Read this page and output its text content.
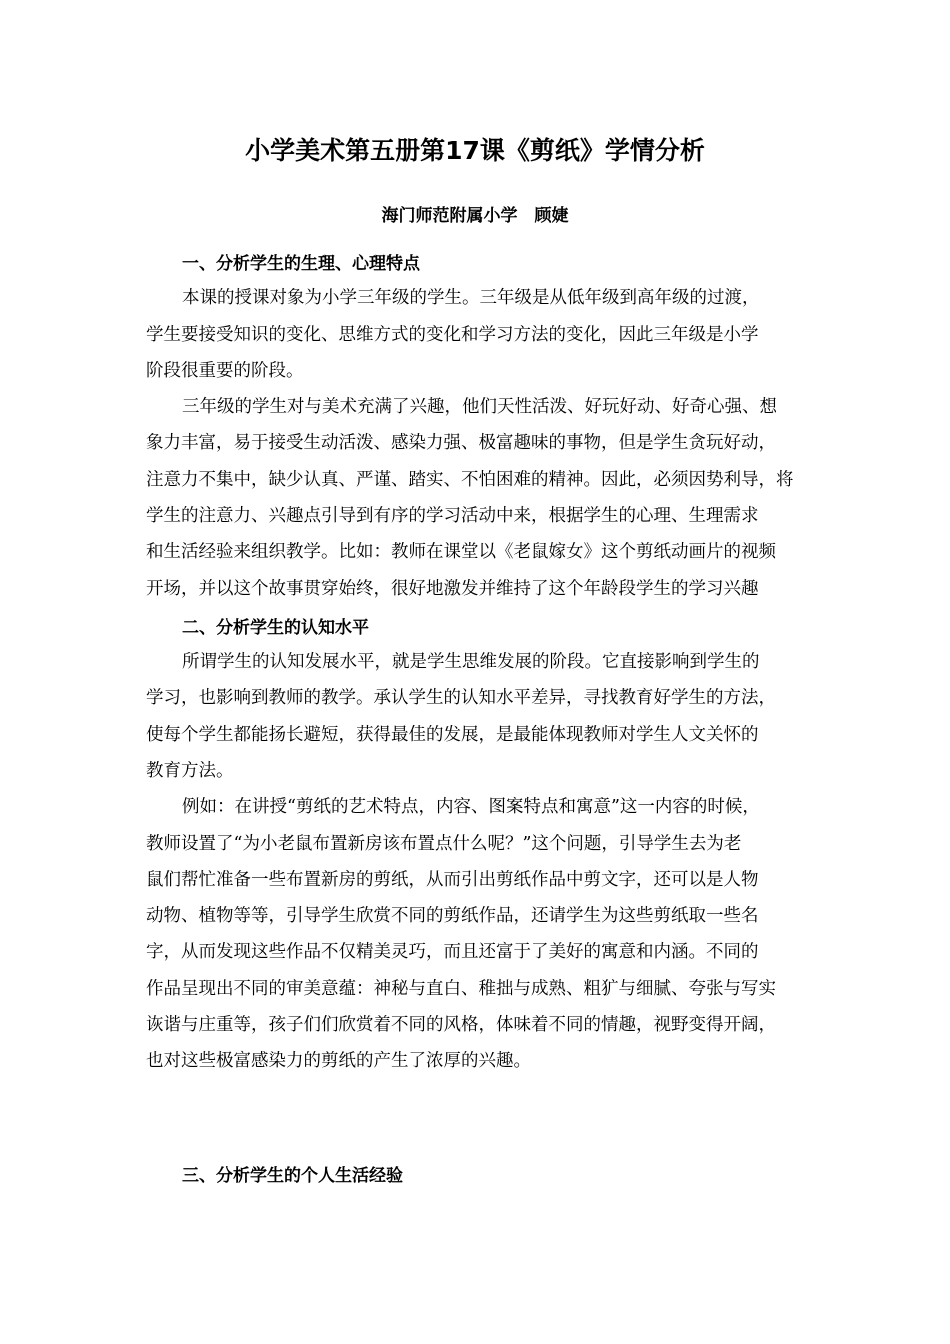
小学美术第五册第17课《剪纸》学情分析
海门师范附属小学　顾婕
一、分析学生的生理、心理特点
本课的授课对象为小学三年级的学生。三年级是从低年级到高年级的过渡，
学生要接受知识的变化、思维方式的变化和学习方法的变化，因此三年级是小学
阶段很重要的阶段。
三年级的学生对与美术充满了兴趣，他们天性活泼、好玩好动、好奇心强、想
象力丰富，易于接受生动活泼、感染力强、极富趣味的事物，但是学生贪玩好动，
注意力不集中，缺少认真、严谨、踏实、不怕困难的精神。因此，必须因势利导，将
学生的注意力、兴趣点引导到有序的学习活动中来，根据学生的心理、生理需求
和生活经验来组织教学。比如：教师在课堂以《老鼠嫁女》这个剪纸动画片的视频
开场，并以这个故事贯穿始终，很好地激发并维持了这个年龄段学生的学习兴趣
二、分析学生的认知水平
所谓学生的认知发展水平，就是学生思维发展的阶段。它直接影响到学生的
学习，也影响到教师的教学。承认学生的认知水平差异，寻找教育好学生的方法，
使每个学生都能扬长避短，获得最佳的发展，是最能体现教师对学生人文关怀的
教育方法。
例如：在讲授“剪纸的艺术特点，内容、图案特点和寓意”这一内容的时候，
教师设置了“为小老鼠布置新房该布置点什么呢？”这个问题，引导学生去为老
鼠们帮忙准备一些布置新房的剪纸，从而引出剪纸作品中剪文字，还可以是人物
动物、植物等等，引导学生欣赏不同的剪纸作品，还请学生为这些剪纸取一些名
字，从而发现这些作品不仅精美灵巧，而且还富于了美好的寓意和内涵。不同的
作品呈现出不同的审美意蕴：神秘与直白、稚拙与成熟、粗犷与细腻、夸张与写实
诙谐与庄重等，孩子们们欣赏着不同的风格，体味着不同的情趣，视野变得开阔，
也对这些极富感染力的剪纸的产生了浓厚的兴趣。
三、分析学生的个人生活经验
